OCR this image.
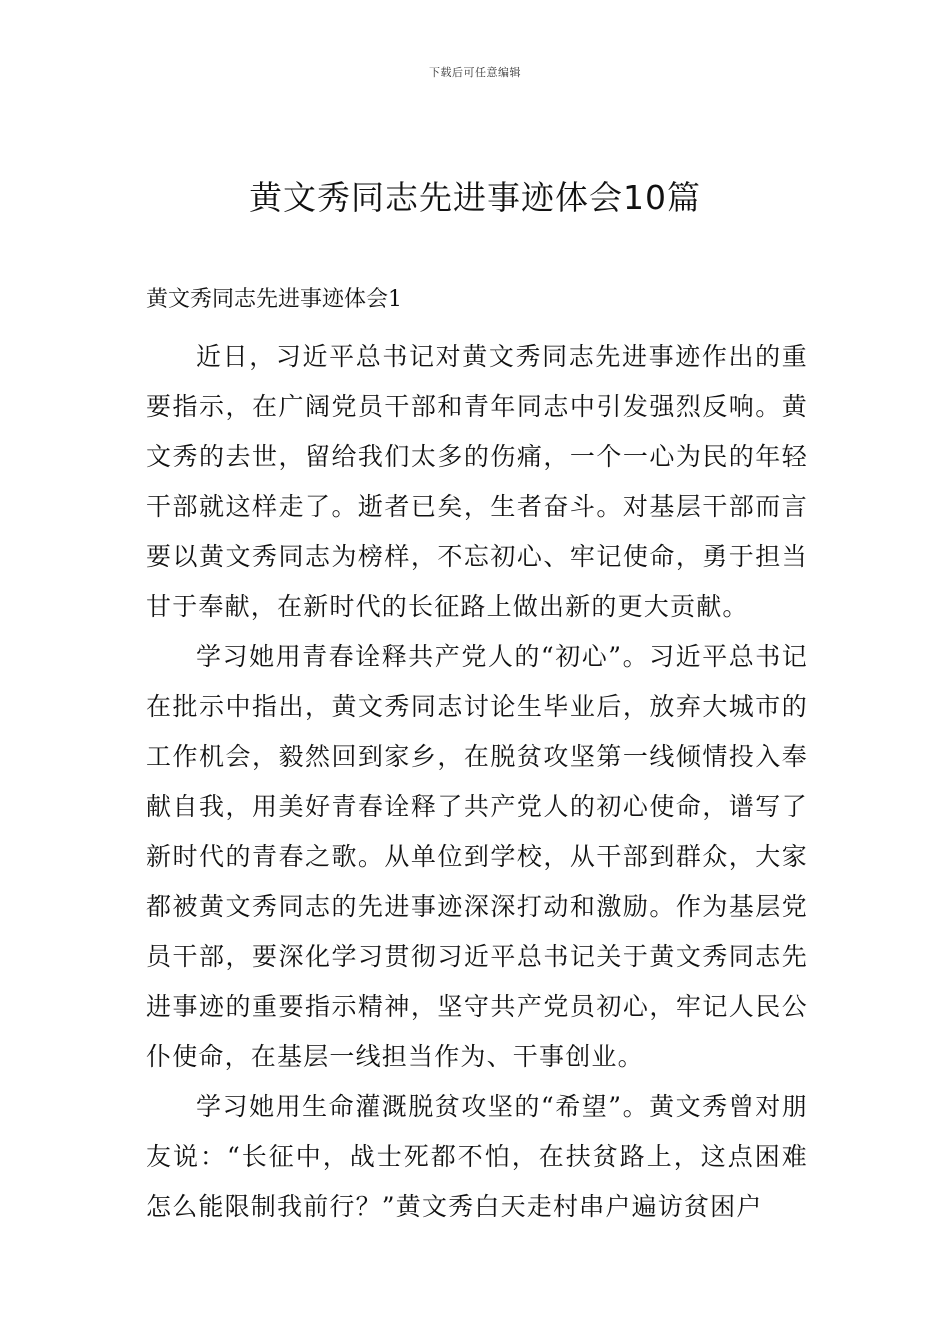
下载后可任意编辑
黄文秀同志先进事迹体会10篇

黄文秀同志先进事迹体会1

近日，习近平总书记对黄文秀同志先进事迹作出的重要指示，在广阔党员干部和青年同志中引发强烈反响。黄文秀的去世，留给我们太多的伤痛，一个一心为民的年轻干部就这样走了。逝者已矣，生者奋斗。对基层干部而言要以黄文秀同志为榜样，不忘初心、牢记使命，勇于担当甘于奉献，在新时代的长征路上做出新的更大贡献。

学习她用青春诠释共产党人的“初心”。习近平总书记在批示中指出，黄文秀同志讨论生毕业后，放弃大城市的工作机会，毅然回到家乡，在脱贫攻坚第一线倾情投入奉献自我，用美好青春诠释了共产党人的初心使命，谱写了新时代的青春之歌。从单位到学校，从干部到群众，大家都被黄文秀同志的先进事迹深深打动和激励。作为基层党员干部，要深化学习贯彻习近平总书记关于黄文秀同志先进事迹的重要指示精神，坚守共产党员初心，牢记人民公仆使命，在基层一线担当作为、干事创业。

学习她用生命灌溉脱贫攻坚的“希望”。黄文秀曾对朋友说：“长征中，战士死都不怕，在扶贫路上，这点困难怎么能限制我前行？”黄文秀白天走村串户遍访贫困户
